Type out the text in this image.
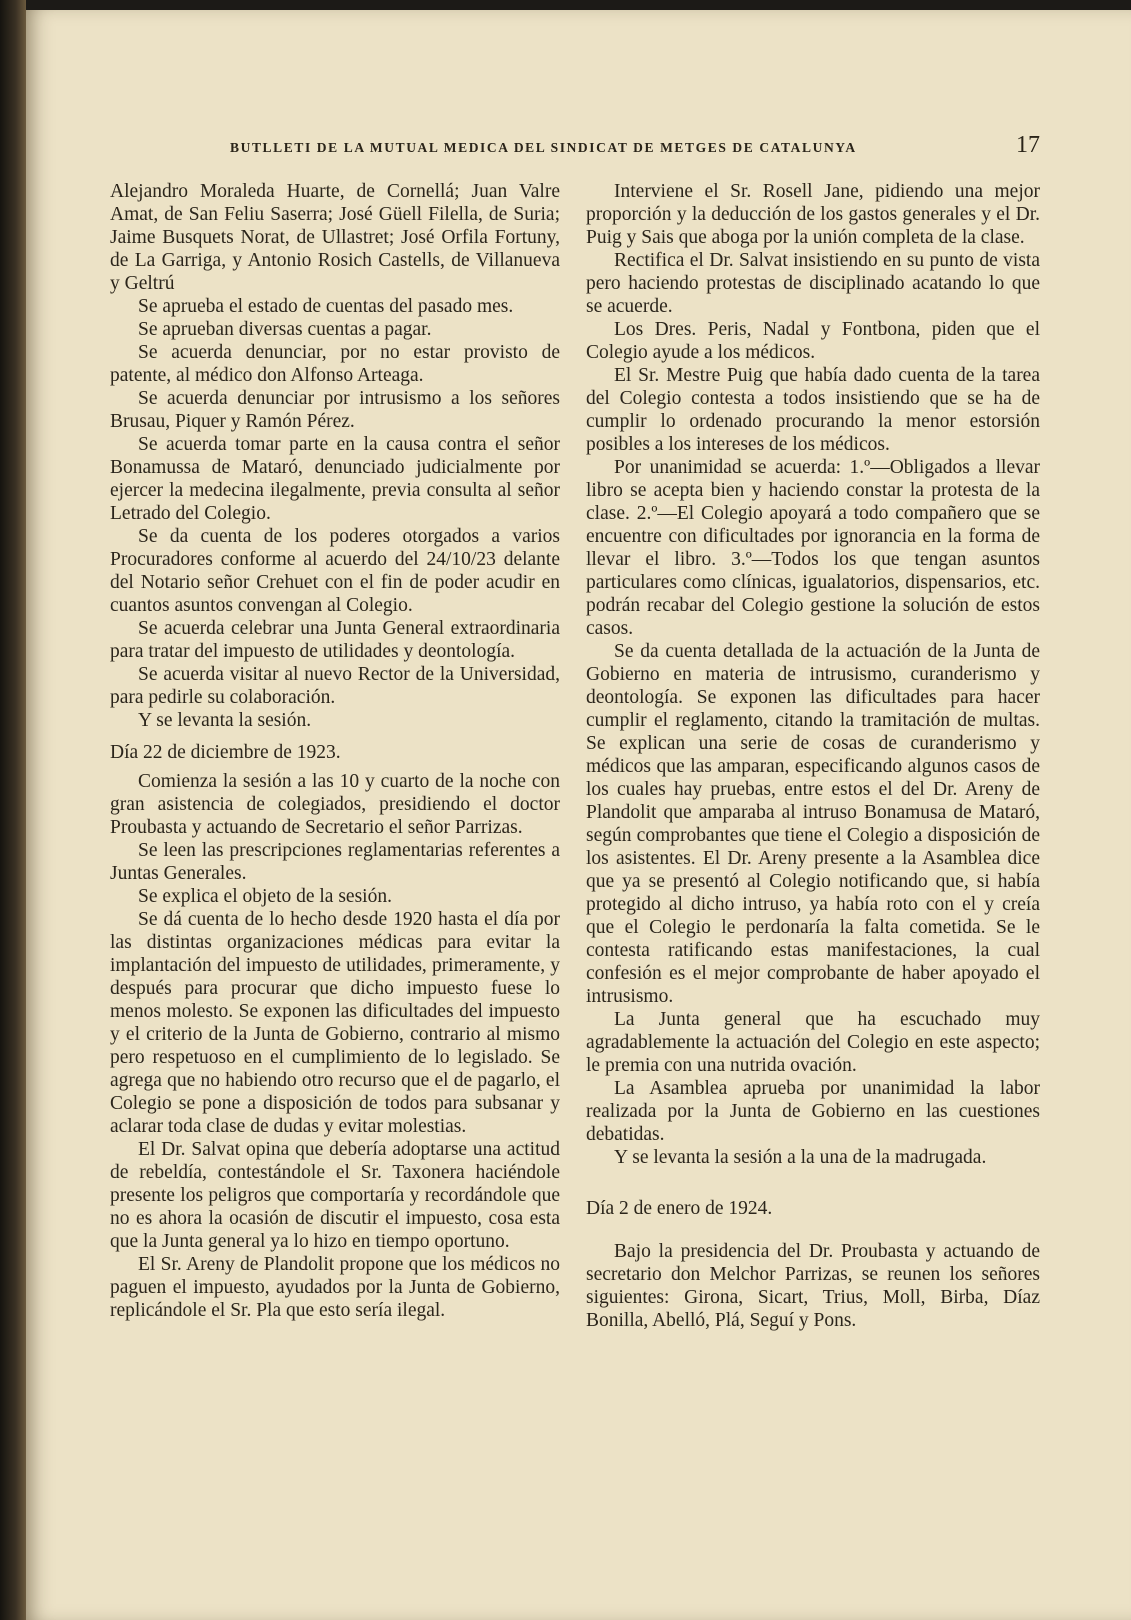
BUTLLETI DE LA MUTUAL MEDICA DEL SINDICAT DE METGES DE CATALUNYA	17

Alejandro Moraleda Huarte, de Cornellá; Juan Valre Amat, de San Feliu Saserra; José Güell Filella, de Suria; Jaime Busquets Norat, de Ullastret; José Orfila Fortuny, de La Garriga, y Antonio Rosich Castells, de Villanueva y Geltrú

Se aprueba el estado de cuentas del pasado mes.

Se aprueban diversas cuentas a pagar.

Se acuerda denunciar, por no estar provisto de patente, al médico don Alfonso Arteaga.

Se acuerda denunciar por intrusismo a los señores Brusau, Piquer y Ramón Pérez.

Se acuerda tomar parte en la causa contra el señor Bonamussa de Mataró, denunciado judicialmente por ejercer la medecina ilegalmente, previa consulta al señor Letrado del Colegio.

Se da cuenta de los poderes otorgados a varios Procuradores conforme al acuerdo del 24/10/23 delante del Notario señor Crehuet con el fin de poder acudir en cuantos asuntos convengan al Colegio.

Se acuerda celebrar una Junta General extraordinaria para tratar del impuesto de utilidades y deontología.

Se acuerda visitar al nuevo Rector de la Universidad, para pedirle su colaboración.

Y se levanta la sesión.

Día 22 de diciembre de 1923.

Comienza la sesión a las 10 y cuarto de la noche con gran asistencia de colegiados, presidiendo el doctor Proubasta y actuando de Secretario el señor Parrizas.

Se leen las prescripciones reglamentarias referentes a Juntas Generales.

Se explica el objeto de la sesión.

Se dá cuenta de lo hecho desde 1920 hasta el día por las distintas organizaciones médicas para evitar la implantación del impuesto de utilidades, primeramente, y después para procurar que dicho impuesto fuese lo menos molesto. Se exponen las dificultades del impuesto y el criterio de la Junta de Gobierno, contrario al mismo pero respetuoso en el cumplimiento de lo legislado. Se agrega que no habiendo otro recurso que el de pagarlo, el Colegio se pone a disposición de todos para subsanar y aclarar toda clase de dudas y evitar molestias.

El Dr. Salvat opina que debería adoptarse una actitud de rebeldía, contestándole el Sr. Taxonera haciéndole presente los peligros que comportaría y recordándole que no es ahora la ocasión de discutir el impuesto, cosa esta que la Junta general ya lo hizo en tiempo oportuno.

El Sr. Areny de Plandolit propone que los médicos no paguen el impuesto, ayudados por la Junta de Gobierno, replicándole el Sr. Pla que esto sería ilegal.

Interviene el Sr. Rosell Jane, pidiendo una mejor proporción y la deducción de los gastos generales y el Dr. Puig y Sais que aboga por la unión completa de la clase.

Rectifica el Dr. Salvat insistiendo en su punto de vista pero haciendo protestas de disciplinado acatando lo que se acuerde.

Los Dres. Peris, Nadal y Fontbona, piden que el Colegio ayude a los médicos.

El Sr. Mestre Puig que había dado cuenta de la tarea del Colegio contesta a todos insistiendo que se ha de cumplir lo ordenado procurando la menor estorsión posibles a los intereses de los médicos.

Por unanimidad se acuerda: 1.º—Obligados a llevar libro se acepta bien y haciendo constar la protesta de la clase. 2.º—El Colegio apoyará a todo compañero que se encuentre con dificultades por ignorancia en la forma de llevar el libro. 3.º—Todos los que tengan asuntos particulares como clínicas, igualatorios, dispensarios, etc. podrán recabar del Colegio gestione la solución de estos casos.

Se da cuenta detallada de la actuación de la Junta de Gobierno en materia de intrusismo, curanderismo y deontología. Se exponen las dificultades para hacer cumplir el reglamento, citando la tramitación de multas. Se explican una serie de cosas de curanderismo y médicos que las amparan, especificando algunos casos de los cuales hay pruebas, entre estos el del Dr. Areny de Plandolit que amparaba al intruso Bonamusa de Mataró, según comprobantes que tiene el Colegio a disposición de los asistentes. El Dr. Areny presente a la Asamblea dice que ya se presentó al Colegio notificando que, si había protegido al dicho intruso, ya había roto con el y creía que el Colegio le perdonaría la falta cometida. Se le contesta ratificando estas manifestaciones, la cual confesión es el mejor comprobante de haber apoyado el intrusismo.

La Junta general que ha escuchado muy agradablemente la actuación del Colegio en este aspecto; le premia con una nutrida ovación.

La Asamblea aprueba por unanimidad la labor realizada por la Junta de Gobierno en las cuestiones debatidas.

Y se levanta la sesión a la una de la madrugada.

Día 2 de enero de 1924.

Bajo la presidencia del Dr. Proubasta y actuando de secretario don Melchor Parrizas, se reunen los señores siguientes: Girona, Sicart, Trius, Moll, Birba, Díaz Bonilla, Abelló, Plá, Seguí y Pons.
